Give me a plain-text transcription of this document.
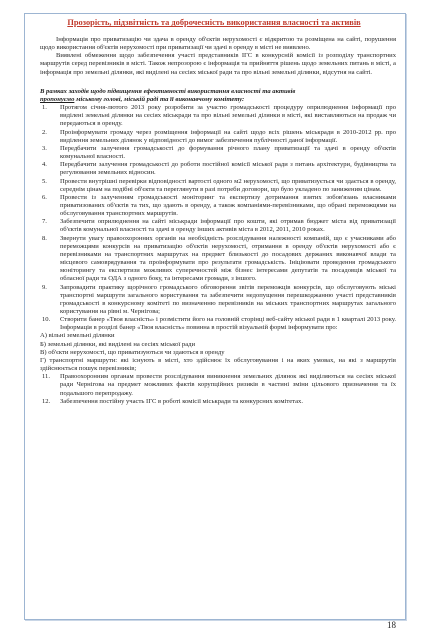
Прозорість, підзвітність та доброчесність використання власності та активів

Інформація про приватизацію чи здача в оренду об'єктів нерухомості є відкритою та розміщена на сайті, порушення щодо використання об'єктів нерухомості при приватизації чи здачі в оренду в місті не виявлено.

Виявлені обмеження щодо забезпечення участі представників ІГС в конкурсній комісії із розподілу транспортних маршрутів серед перевізників в місті. Також непрозорою є інформація та прийняття рішень щодо земельних питань в місті, а інформація про земельні ділянки, які виділені на сесіях міської ради та про вільні земельні ділянки, відсутня на сайті.

В рамках заходів щодо підвищення ефективності використання власності та активів
пропонуємо міському голові, міській раді та її виконавчому комітету:

1. Протягом січня-лютого 2013 року розробити за участю громадськості процедуру оприлюднення інформації про виділені земельні ділянки на сесіях міськради та про вільні земельні ділянки в місті, які виставляються на продаж чи передаються в оренду.
2. Проінформувати громаду через розміщення інформації на сайті щодо всіх рішень міськради в 2010-2012 рр. про виділення земельних ділянок у відповідності до вимог забезпечення публічності даної інформації.
3. Передбачити залучення громадськості до формування річного плану приватизації та здачі в оренду об'єктів комунальної власності.
4. Передбачити залучення громадськості до роботи постійної комісії міської ради з питань архітектури, будівництва та регулювання земельних відносин.
5. Провести внутрішні перевірки відповідності вартості одного м2 нерухомості, що приватизується чи здається в оренду, середнім цінам на подібні об'єкти та переглянути в разі потреби договори, що було укладено по заниженим цінам.
6. Провести із залученням громадськості моніторинг та експертизу дотримання взятих зобов'язань власниками приватизованих об'єктів та тих, що здають в оренду, а також компаніями-перевізниками, що обрані переможцями на обслуговування транспортних маршрутів.
7. Забезпечити оприлюднення на сайті міськради інформації про кошти, які отримав бюджет міста від приватизації об'єктів комунальної власності та здачі в оренду інших активів міста в 2012, 2011, 2010 роках.
8. Звернути увагу правоохоронних органів на необхідність розслідування належності компаній, що є учасниками або переможцями конкурсів на приватизацію об'єктів нерухомості, отримання в оренду об'єктів нерухомості або є перевізниками на транспортних маршрутах на предмет близькості до посадових держаних виконавчої влади та місцевого самоврядування та проінформувати про результати громадськість. Ініціювати проведення громадського моніторингу та експертизи можливих суперечностей між бізнес інтересами депутатів та посадовців міської та обласної ради та ОДА з одного боку, та інтересами громади, з іншого.
9. Запровадити практику щорічного громадського обговорення звітів переможців конкурсів, що обслуговують міські транспортні маршрути загального користування та забезпечити недопущення перешкоджанню участі представників громадськості в конкурсному комітеті по визначенню перевізників на міських транспортних маршрутах загального користування на рівні м. Чернігова;
10. Створити банер «Твоя власність» і розмістити його на головній сторінці веб-сайту міської ради в 1 кварталі 2013 року. Інформація в розділі банер «Твоя власність» повинна в простій візуальній формі інформувати про:

А) вільні земельні ділянки

Б) земельні ділянки, які виділені на сесіях міської ради

В) об'єкти нерухомості, що приватизуються чи здаються в оренду

Г) транспортні маршрути: які існують в місті, хто здійснює їх обслуговування і на яких умовах, на які з маршрутів здійснюється пошук перевізників;

11. Правоохоронним органам провести розслідування виникнення земельних ділянок які виділяються на сесіях міської ради Чернігова на предмет можливих фактів корупційних ризиків в частині зміни цільового призначення та їх подальшого перепродажу.
12. Забезпечення постійну участь ІГС в роботі комісії міськради та конкурсних комітетах.
18
